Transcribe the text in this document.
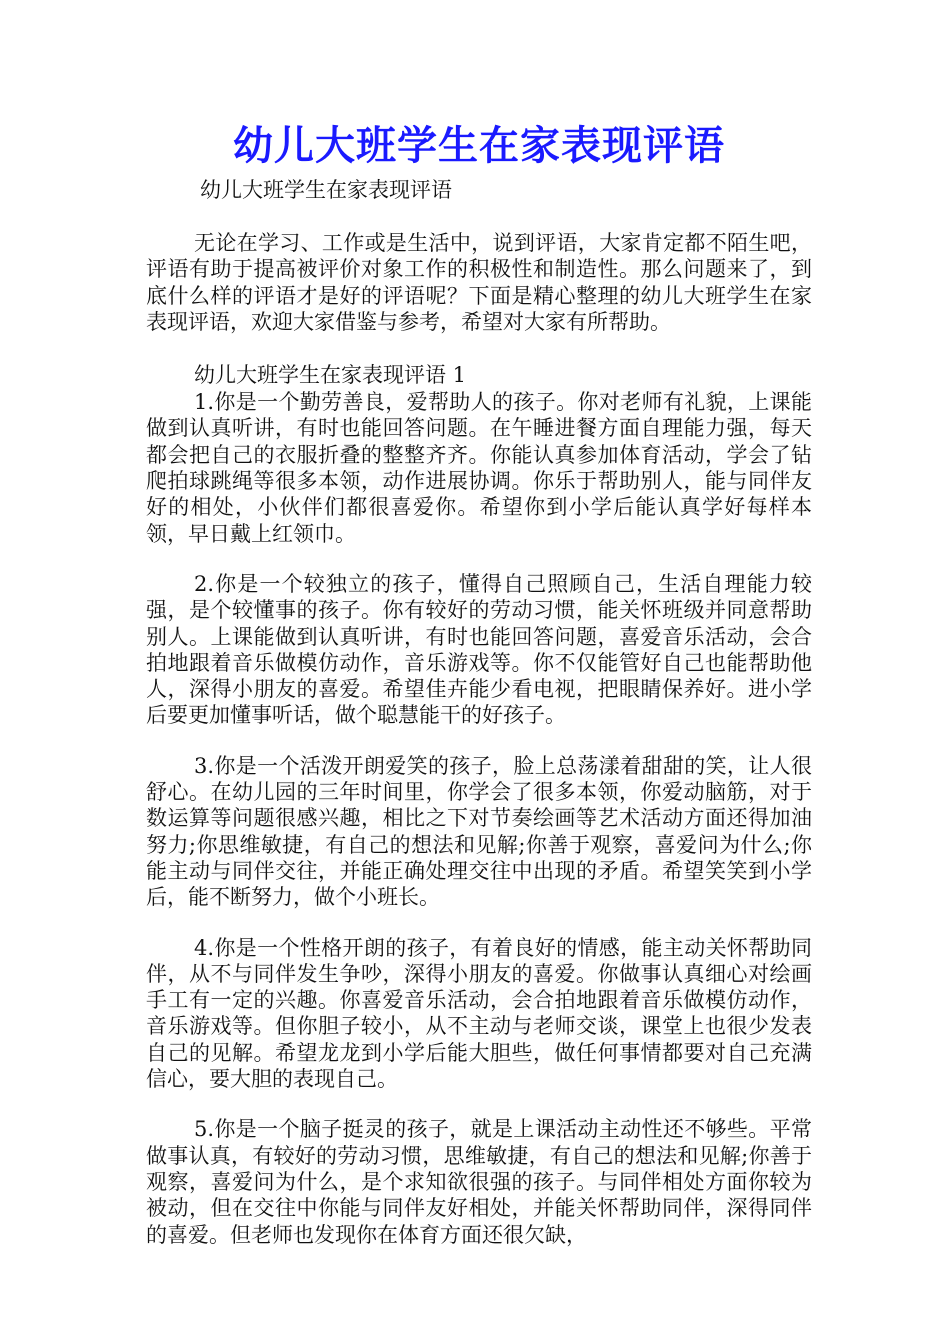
幼儿大班学生在家表现评语

幼儿大班学生在家表现评语

无论在学习、工作或是生活中，说到评语，大家肯定都不陌生吧，评语有助于提高被评价对象工作的积极性和制造性。那么问题来了，到底什么样的评语才是好的评语呢？下面是精心整理的幼儿大班学生在家表现评语，欢迎大家借鉴与参考，希望对大家有所帮助。

幼儿大班学生在家表现评语 1

1.你是一个勤劳善良，爱帮助人的孩子。你对老师有礼貌，上课能做到认真听讲，有时也能回答问题。在午睡进餐方面自理能力强，每天都会把自己的衣服折叠的整整齐齐。你能认真参加体育活动，学会了钻爬拍球跳绳等很多本领，动作进展协调。你乐于帮助别人，能与同伴友好的相处，小伙伴们都很喜爱你。希望你到小学后能认真学好每样本领，早日戴上红领巾。

2.你是一个较独立的孩子，懂得自己照顾自己，生活自理能力较强，是个较懂事的孩子。你有较好的劳动习惯，能关怀班级并同意帮助别人。上课能做到认真听讲，有时也能回答问题，喜爱音乐活动，会合拍地跟着音乐做模仿动作，音乐游戏等。你不仅能管好自己也能帮助他人，深得小朋友的喜爱。希望佳卉能少看电视，把眼睛保养好。进小学后要更加懂事听话，做个聪慧能干的好孩子。

3.你是一个活泼开朗爱笑的孩子，脸上总荡漾着甜甜的笑，让人很舒心。在幼儿园的三年时间里，你学会了很多本领，你爱动脑筋，对于数运算等问题很感兴趣，相比之下对节奏绘画等艺术活动方面还得加油努力;你思维敏捷，有自己的想法和见解;你善于观察，喜爱问为什么;你能主动与同伴交往，并能正确处理交往中出现的矛盾。希望笑笑到小学后，能不断努力，做个小班长。

4.你是一个性格开朗的孩子，有着良好的情感，能主动关怀帮助同伴，从不与同伴发生争吵，深得小朋友的喜爱。你做事认真细心对绘画手工有一定的兴趣。你喜爱音乐活动，会合拍地跟着音乐做模仿动作，音乐游戏等。但你胆子较小，从不主动与老师交谈，课堂上也很少发表自己的见解。希望龙龙到小学后能大胆些，做任何事情都要对自己充满信心，要大胆的表现自己。

5.你是一个脑子挺灵的孩子，就是上课活动主动性还不够些。平常做事认真，有较好的劳动习惯，思维敏捷，有自己的想法和见解;你善于观察，喜爱问为什么，是个求知欲很强的孩子。与同伴相处方面你较为被动，但在交往中你能与同伴友好相处，并能关怀帮助同伴，深得同伴的喜爱。但老师也发现你在体育方面还很欠缺，
